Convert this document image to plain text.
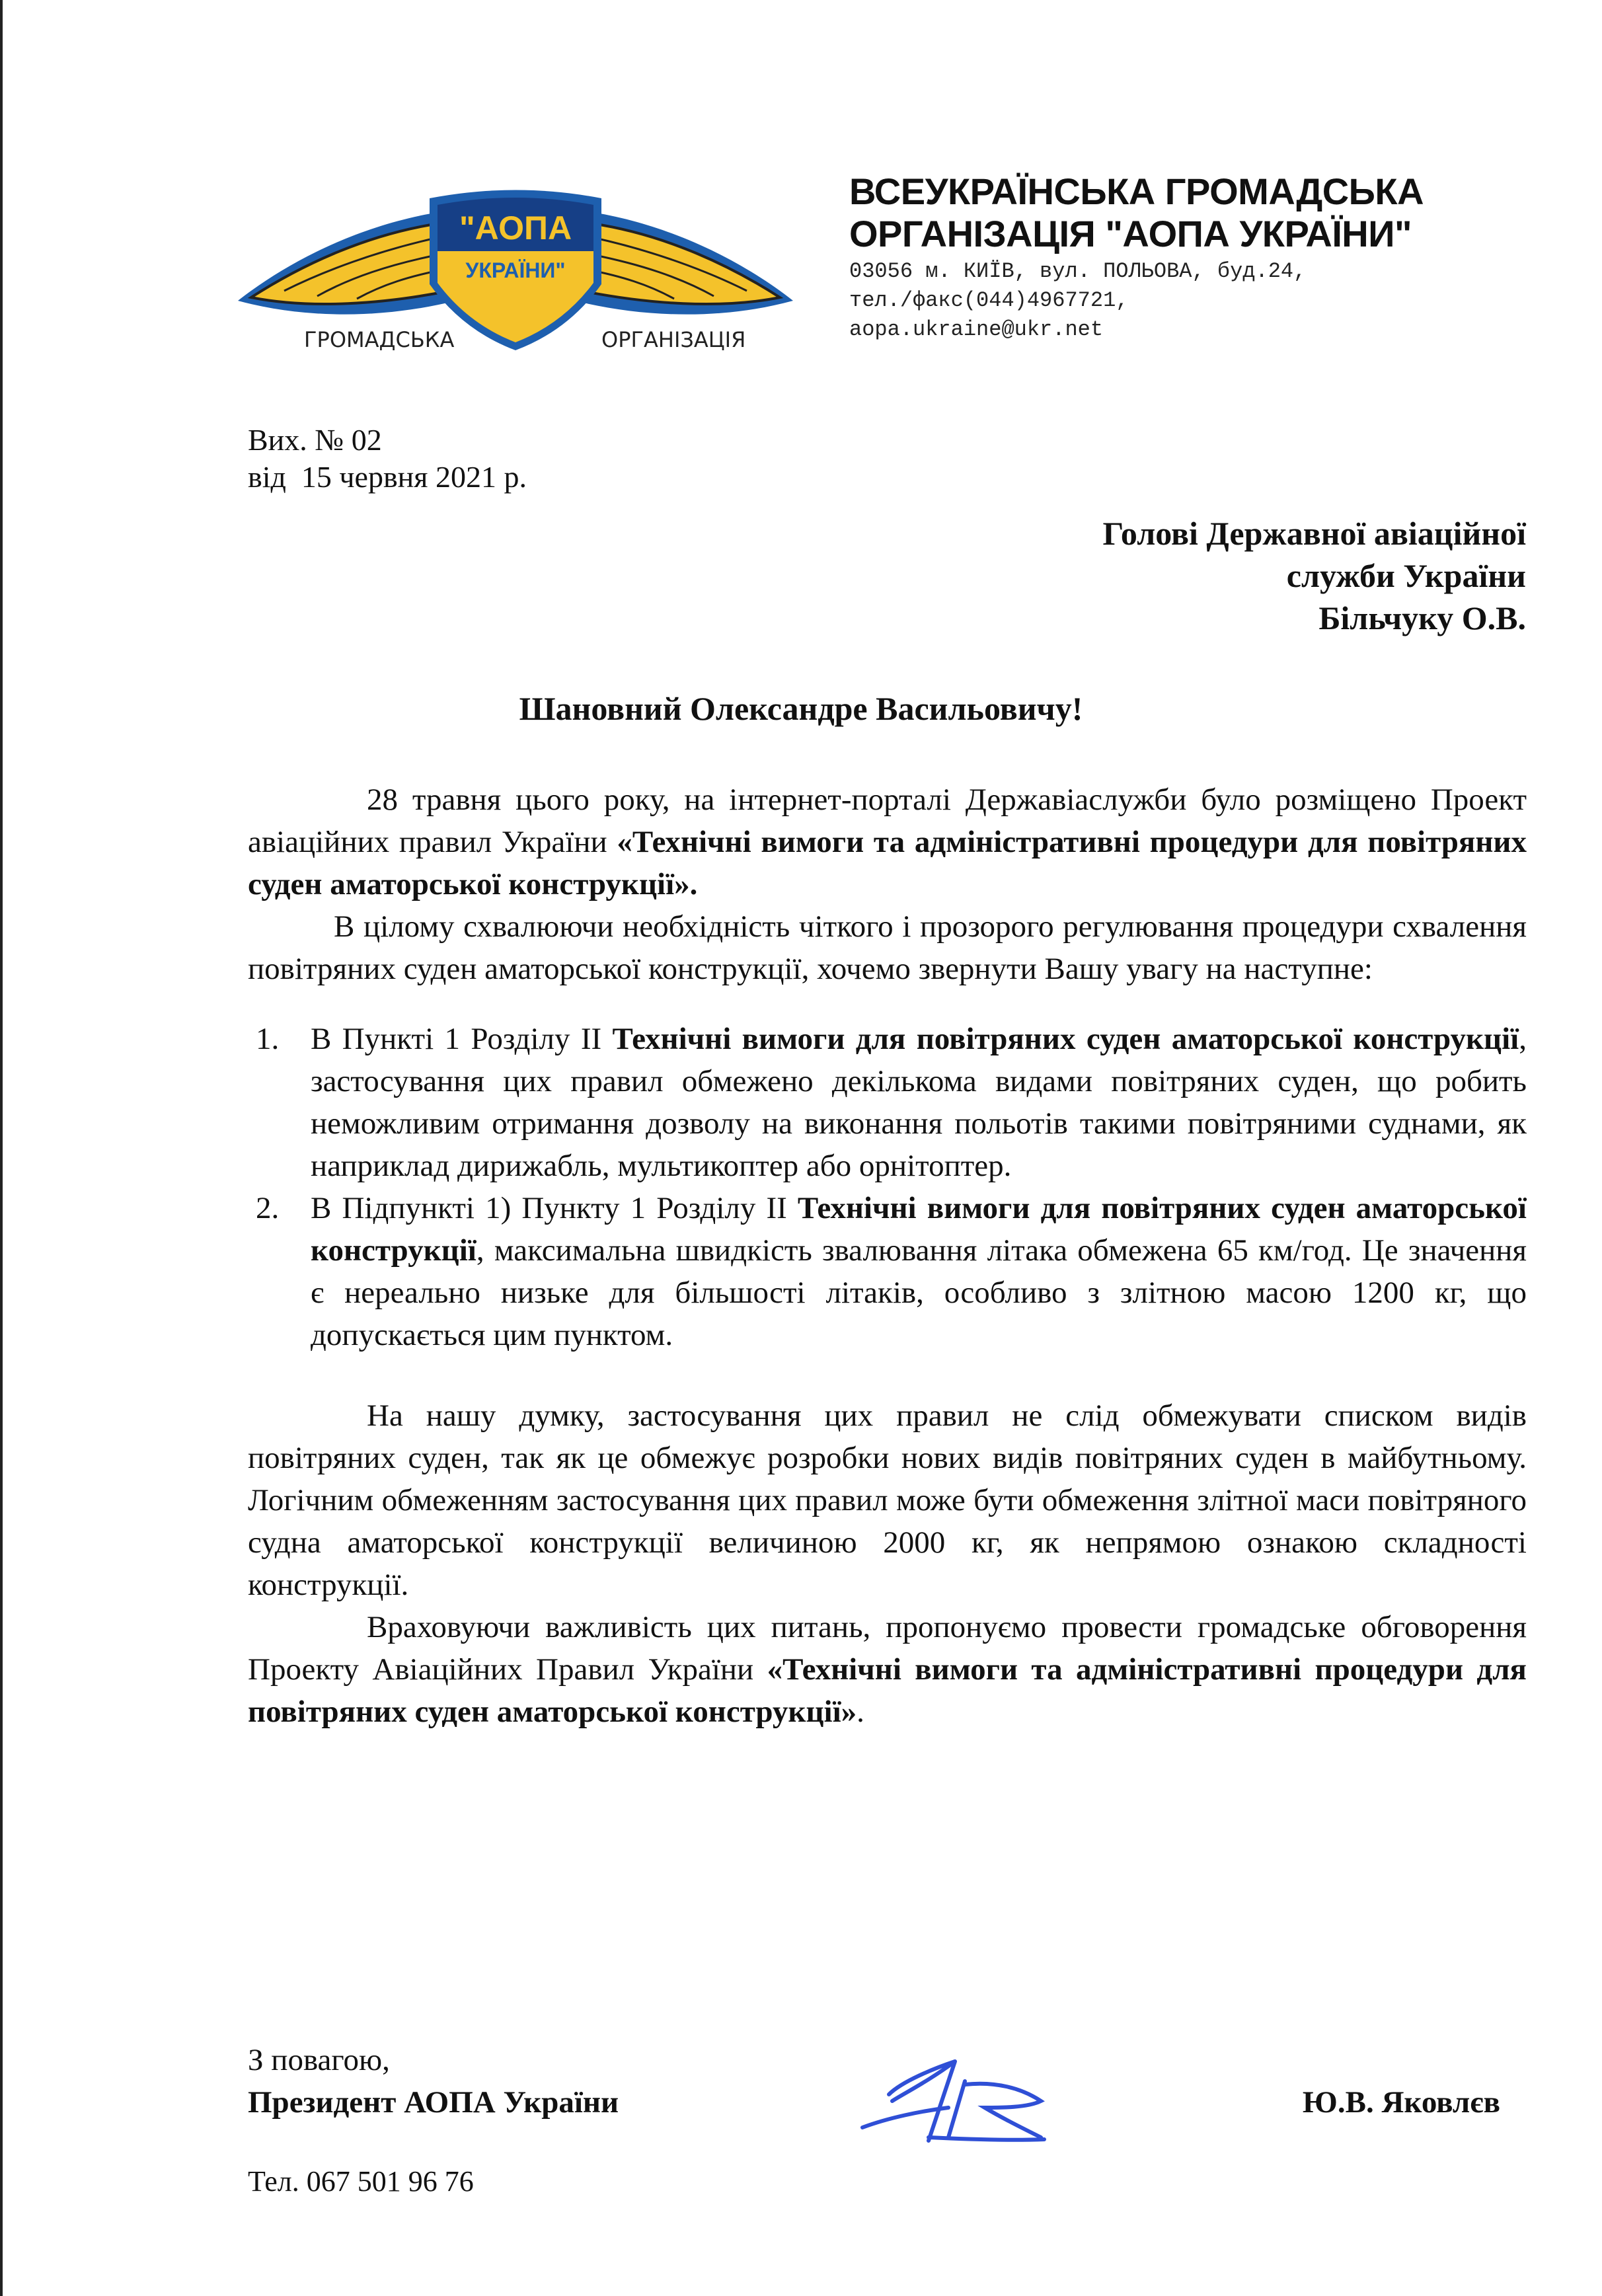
"АОПА
УКРАЇНИ"
ГРОМАДСЬКА	ОРГАНІЗАЦІЯ
ВСЕУКРАЇНСЬКА ГРОМАДСЬКА
ОРГАНІЗАЦІЯ "АОПА УКРАЇНИ"
03056 м. КИЇВ, вул. ПОЛЬОВА, буд.24,
тел./факс(044)4967721,
aopa.ukraine@ukr.net
Вих. № 02
від  15 червня 2021 р.
Голові Державної авіаційної
служби України
Більчуку О.В.
Шановний Олександре Васильовичу!

28 травня цього року, на інтернет-порталі Державіаслужби було розміщено Проект авіаційних правил України «Технічні вимоги та адміністративні процедури для повітряних суден аматорської конструкції».

В цілому схвалюючи необхідність чіткого і прозорого регулювання процедури схвалення повітряних суден аматорської конструкції, хочемо звернути Вашу увагу на наступне:

1. В Пункті 1 Розділу ІІ Технічні вимоги для повітряних суден аматорської конструкції, застосування цих правил обмежено декількома видами повітряних суден, що робить неможливим отримання дозволу на виконання польотів такими повітряними суднами, як наприклад дирижабль, мультикоптер або орнітоптер.
2. В Підпункті 1) Пункту 1 Розділу ІІ Технічні вимоги для повітряних суден аматорської конструкції, максимальна швидкість звалювання літака обмежена 65 км/год. Це значення є нереально низьке для більшості літаків, особливо з злітною масою 1200 кг, що допускається цим пунктом.

На нашу думку, застосування цих правил не слід обмежувати списком видів повітряних суден, так як це обмежує розробки нових видів повітряних суден в майбутньому. Логічним обмеженням застосування цих правил може бути обмеження злітної маси повітряного судна аматорської конструкції величиною 2000 кг, як непрямою ознакою складності конструкції.

Враховуючи важливість цих питань, пропонуємо провести громадське обговорення Проекту Авіаційних Правил України «Технічні вимоги та адміністративні процедури для повітряних суден аматорської конструкції».

З повагою,
Президент АОПА України	Ю.В. Яковлєв
Тел. 067 501 96 76
